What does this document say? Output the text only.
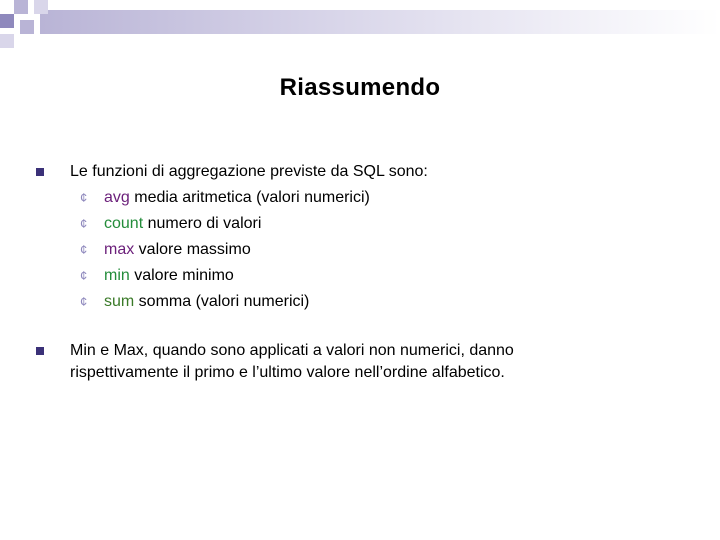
Riassumendo
Le funzioni di aggregazione previste da SQL sono:
¢	avg media aritmetica (valori numerici)
¢	count numero di valori
¢	max valore massimo
¢	min valore minimo
¢	sum somma (valori numerici)
Min e Max, quando sono applicati a valori non numerici, danno
rispettivamente il primo e l’ultimo valore nell’ordine alfabetico.
